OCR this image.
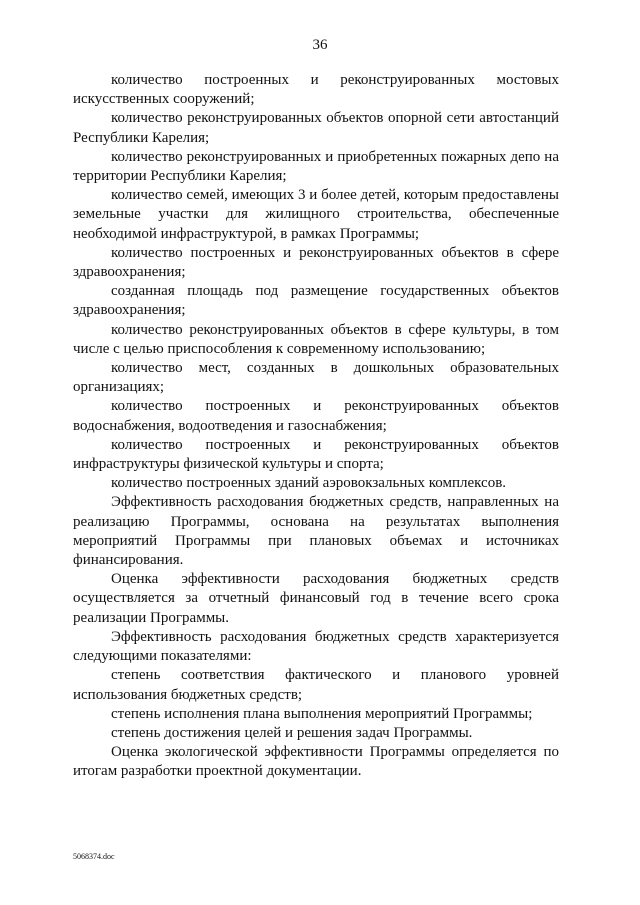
36

количество построенных и реконструированных мостовых искусственных сооружений;

количество реконструированных объектов опорной сети автостанций Республики Карелия;

количество реконструированных и приобретенных пожарных депо на территории Республики Карелия;

количество семей, имеющих 3 и более детей, которым предоставлены земельные участки для жилищного строительства, обеспеченные необходимой инфраструктурой, в рамках Программы;

количество построенных и реконструированных объектов в сфере здравоохранения;

созданная площадь под размещение государственных объектов здравоохранения;

количество реконструированных объектов в сфере культуры, в том числе с целью приспособления к современному использованию;

количество мест, созданных в дошкольных образовательных организациях;

количество построенных и реконструированных объектов водоснабжения, водоотведения и газоснабжения;

количество построенных и реконструированных объектов инфраструктуры физической культуры и спорта;

количество построенных зданий аэровокзальных комплексов.

Эффективность расходования бюджетных средств, направленных на реализацию Программы, основана на результатах выполнения мероприятий Программы при плановых объемах и источниках финансирования.

Оценка эффективности расходования бюджетных средств осуществляется за отчетный финансовый год в течение всего срока реализации Программы.

Эффективность расходования бюджетных средств характеризуется следующими показателями:

степень соответствия фактического и планового уровней использования бюджетных средств;

степень исполнения плана выполнения мероприятий Программы;

степень достижения целей и решения задач Программы.

Оценка экологической эффективности Программы определяется по итогам разработки проектной документации.

5068374.doc
